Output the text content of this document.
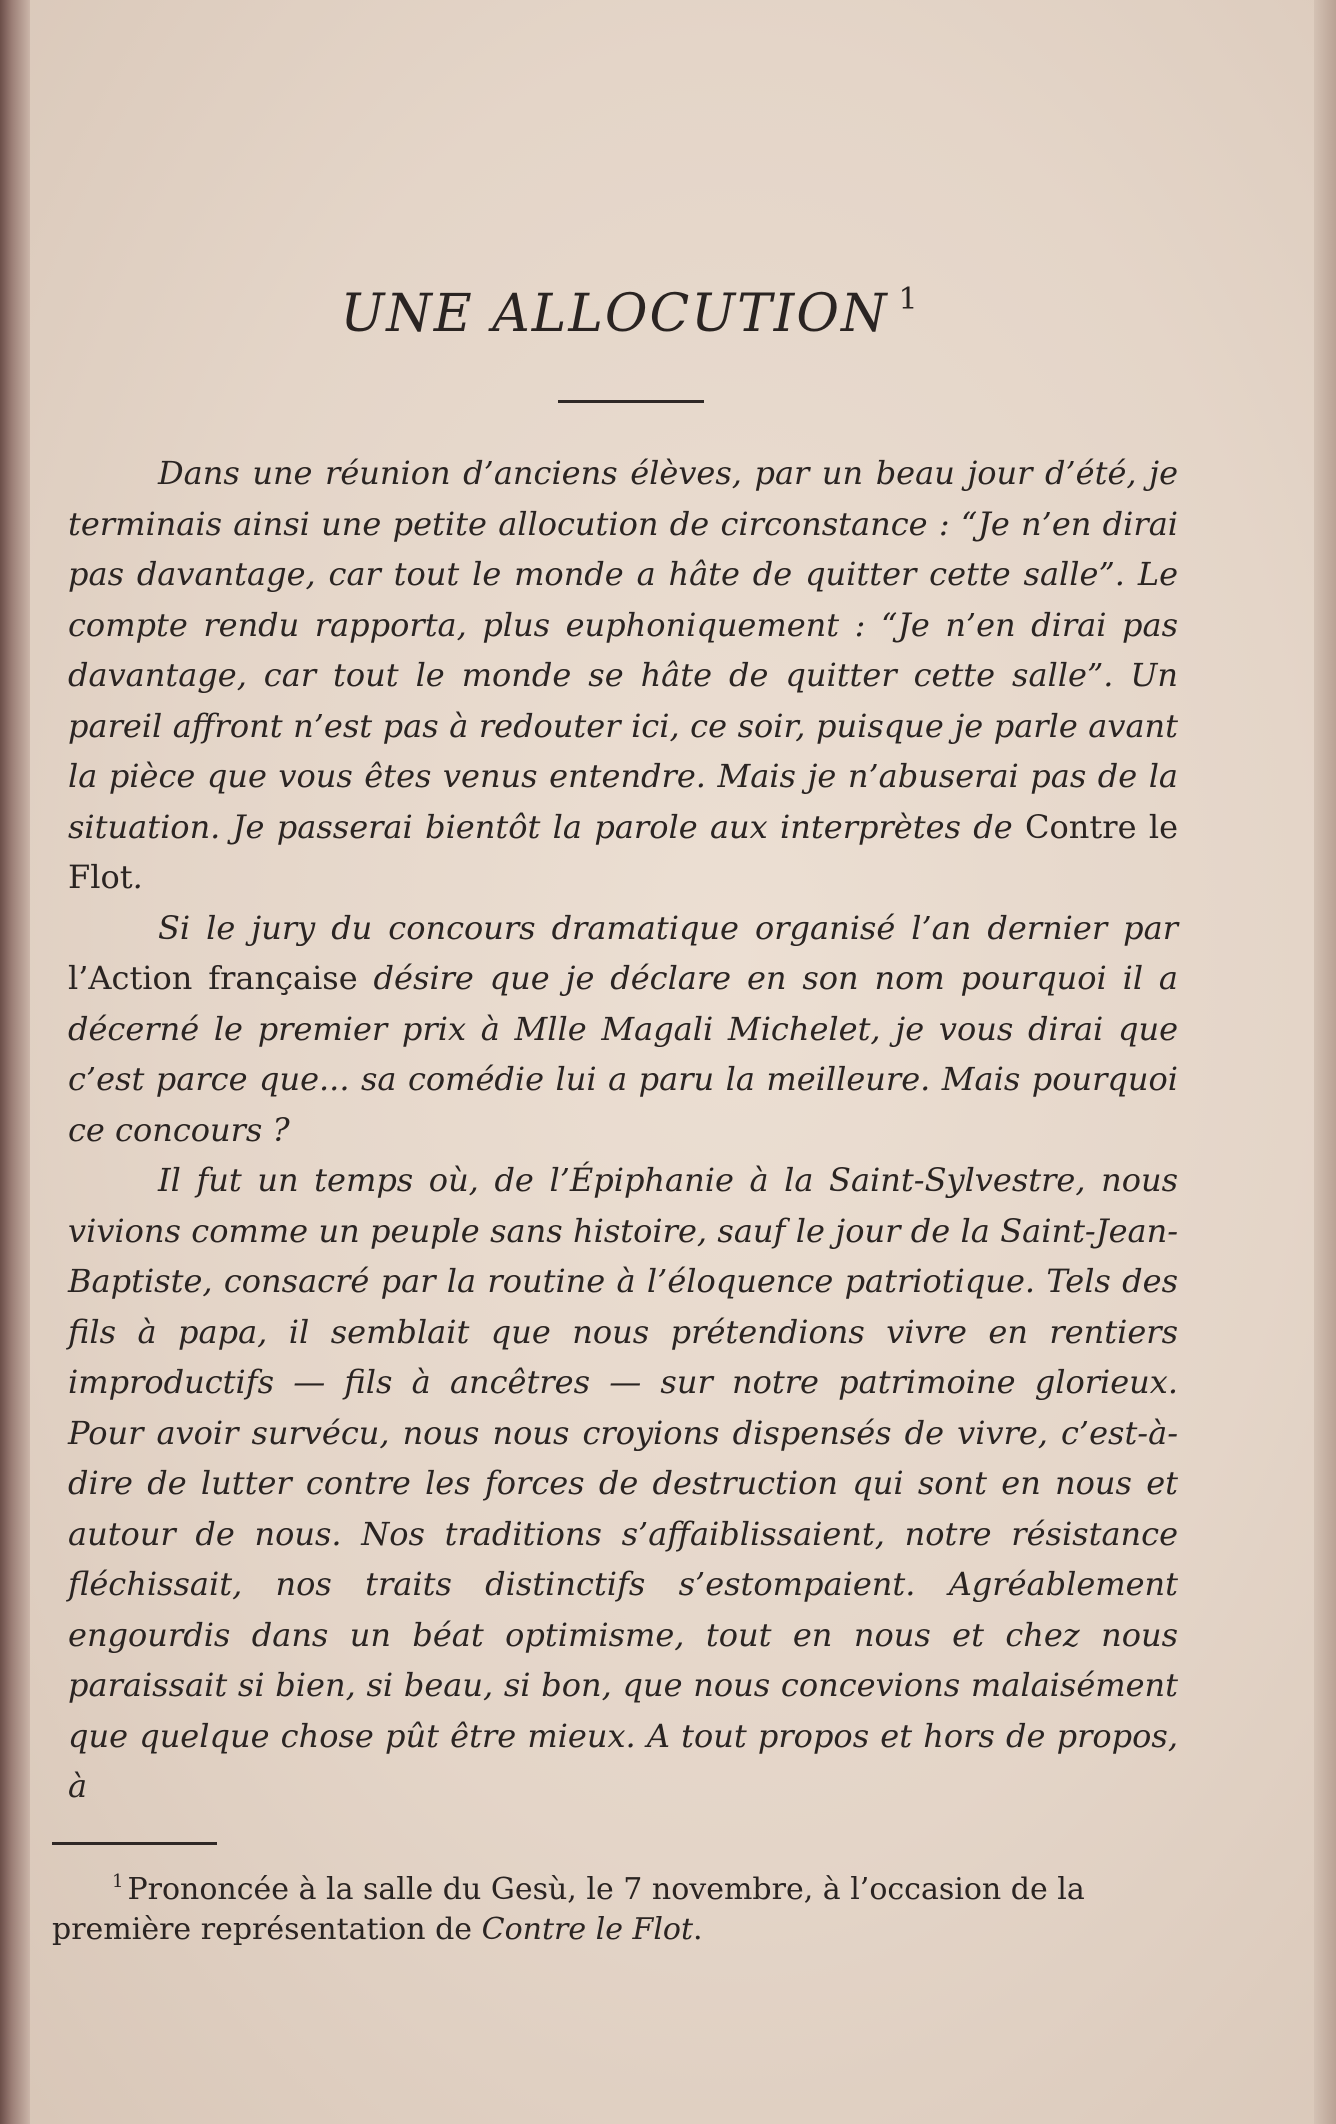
UNE ALLOCUTION $^1$

Dans une réunion d’anciens élèves, par un beau jour d’été, je terminais ainsi une petite allocution de circonstance : “Je n’en dirai pas davantage, car tout le monde a hâte de quitter cette salle”. Le compte rendu rapporta, plus euphoniquement : “Je n’en dirai pas davantage, car tout le monde se hâte de quitter cette salle”. Un pareil affront n’est pas à redouter ici, ce soir, puisque je parle avant la pièce que vous êtes venus entendre. Mais je n’abuserai pas de la situation. Je passerai bientôt la parole aux interprètes de Contre le Flot.

Si le jury du concours dramatique organisé l’an dernier par l’Action française désire que je déclare en son nom pourquoi il a décerné le premier prix à Mlle Magali Michelet, je vous dirai que c’est parce que... sa comédie lui a paru la meilleure. Mais pourquoi ce concours ?

Il fut un temps où, de l’Épiphanie à la Saint-Sylvestre, nous vivions comme un peuple sans histoire, sauf le jour de la Saint-Jean-Baptiste, consacré par la routine à l’éloquence patriotique. Tels des fils à papa, il semblait que nous prétendions vivre en rentiers improductifs — fils à ancêtres — sur notre patrimoine glorieux. Pour avoir survécu, nous nous croyions dispensés de vivre, c’est-à-dire de lutter contre les forces de destruction qui sont en nous et autour de nous. Nos traditions s’affaiblissaient, notre résistance fléchissait, nos traits distinctifs s’estompaient. Agréablement engourdis dans un béat optimisme, tout en nous et chez nous paraissait si bien, si beau, si bon, que nous concevions malaisément que quelque chose pût être mieux. A tout propos et hors de propos, à

$^1$ Prononcée à la salle du Gesù, le 7 novembre, à l’occasion de la première représentation de Contre le Flot.
